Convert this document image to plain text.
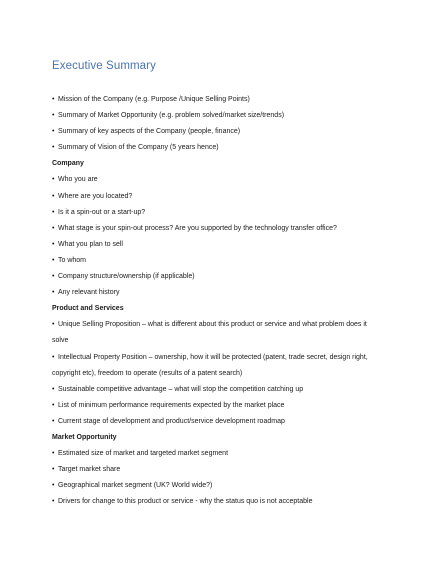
Executive Summary
• Mission of the Company (e.g. Purpose /Unique Selling Points)
• Summary of Market Opportunity (e.g. problem solved/market size/trends)
• Summary of key aspects of the Company (people, finance)
• Summary of Vision of the Company (5 years hence)
Company
• Who you are
• Where are you located?
• Is it a spin-out or a start-up?
• What stage is your spin-out process? Are you supported by the technology transfer office?
• What you plan to sell
• To whom
• Company structure/ownership (if applicable)
• Any relevant history
Product and Services
• Unique Selling Proposition – what is different about this product or service and what problem does it
solve
• Intellectual Property Position – ownership, how it will be protected (patent, trade secret, design right,
copyright etc), freedom to operate (results of a patent search)
• Sustainable competitive advantage – what will stop the competition catching up
• List of minimum performance requirements expected by the market place
• Current stage of development and product/service development roadmap
Market Opportunity
• Estimated size of market and targeted market segment
• Target market share
• Geographical market segment (UK? World wide?)
• Drivers for change to this product or service - why the status quo is not acceptable
